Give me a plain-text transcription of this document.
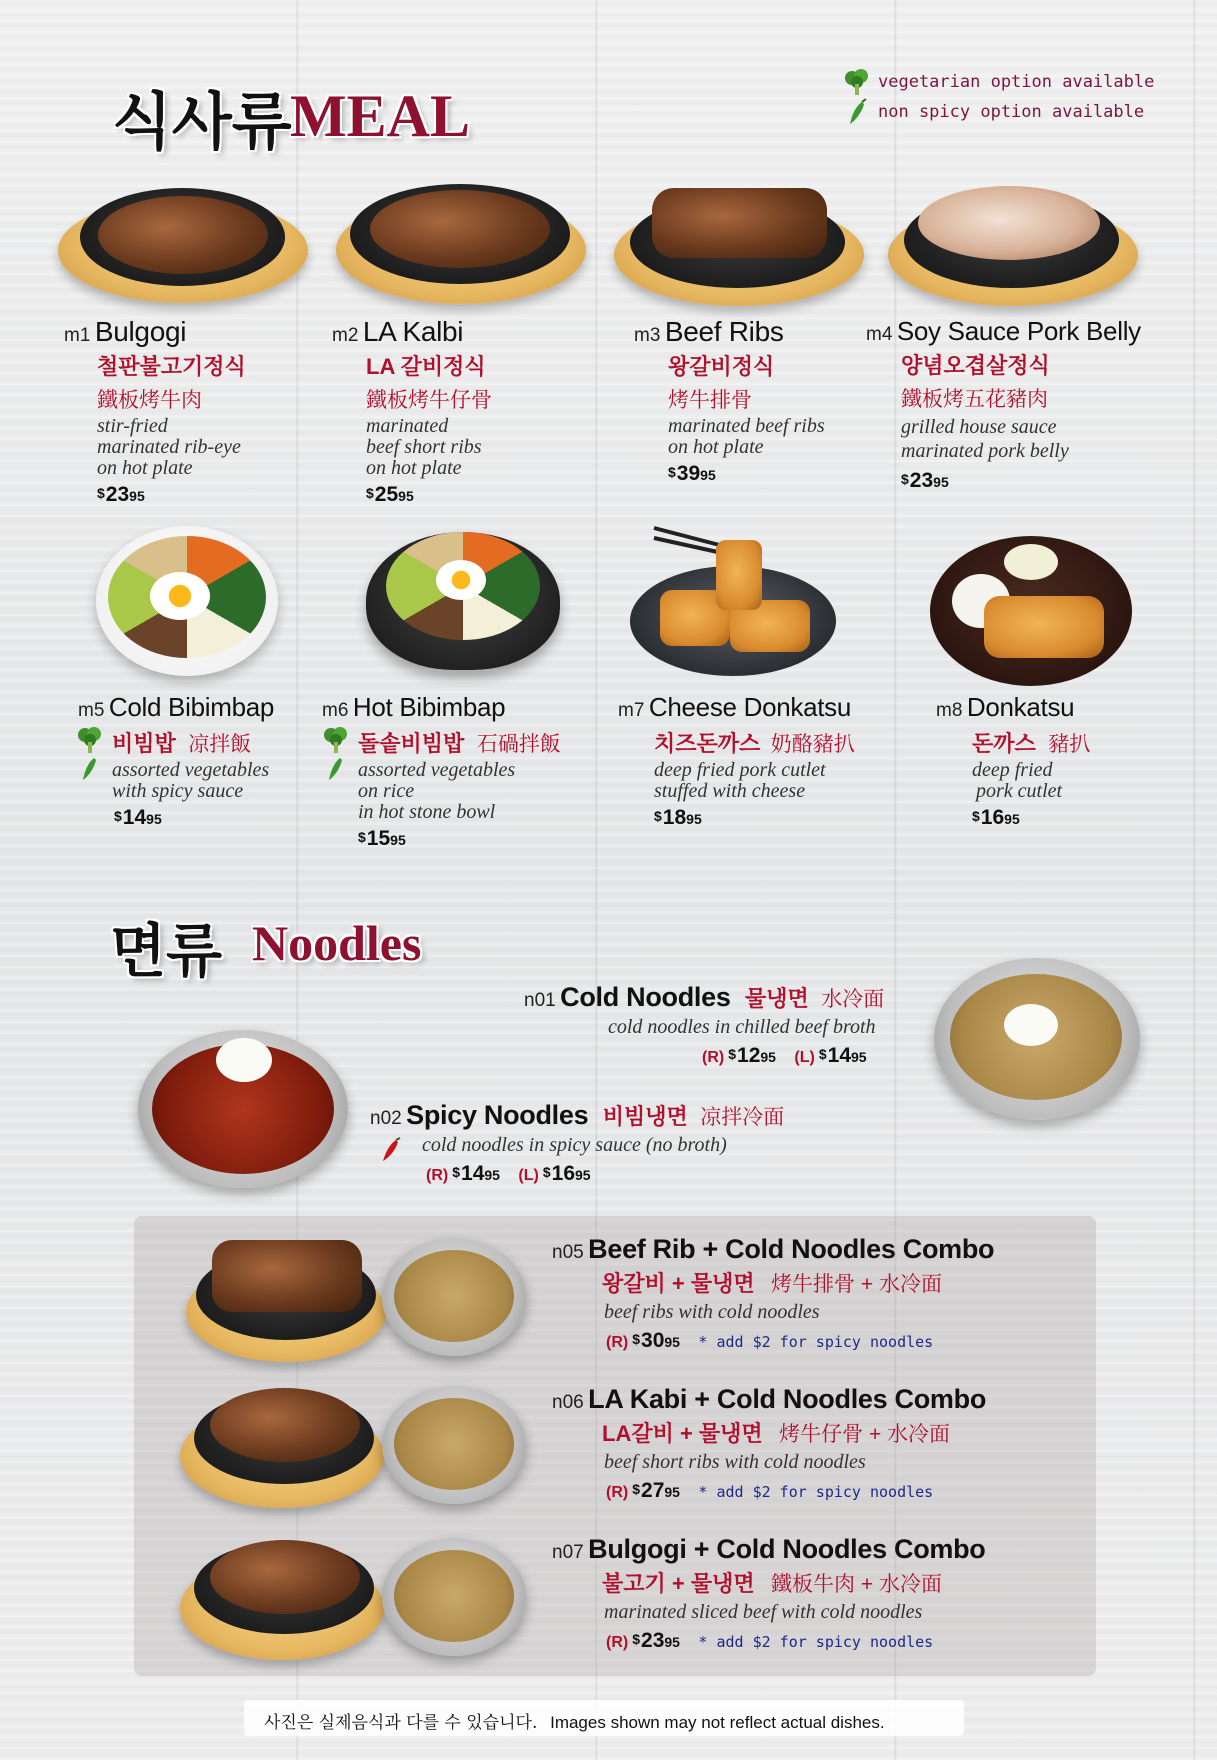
식사류
MEAL
vegetarian option available
non spicy option available
m1 Bulgogi
철판불고기정식
鐵板烤牛肉
stir-fried
marinated rib-eye
on hot plate
$2395
m2 LA Kalbi
LA 갈비정식
鐵板烤牛仔骨
marinated
beef short ribs
on hot plate
$2595
m3 Beef Ribs
왕갈비정식
烤牛排骨
marinated beef ribs
on hot plate
$3995
m4 Soy Sauce Pork Belly
양념오겹살정식
鐵板烤五花豬肉
grilled house sauce
marinated pork belly
$2395
m5 Cold Bibimbap
비빔밥 凉拌飯
assorted vegetables
with spicy sauce
$1495
m6 Hot Bibimbap
돌솥비빔밥 石碢拌飯
assorted vegetables
on rice
in hot stone bowl
$1595
m7 Cheese Donkatsu
치즈돈까스 奶酪豬扒
deep fried pork cutlet
stuffed with cheese
$1895
m8 Donkatsu
돈까스 豬扒
deep fried
pork cutlet
$1695
면류 Noodles
n01 Cold Noodles 물냉면 水冷面
cold noodles in chilled beef broth
(R) $1295 (L) $1495
n02 Spicy Noodles 비빔냉면 凉拌冷面
cold noodles in spicy sauce (no broth)
(R) $1495 (L) $1695
n05 Beef Rib + Cold Noodles Combo
왕갈비 + 물냉면 烤牛排骨 + 水冷面
beef ribs with cold noodles
(R) $3095 * add $2 for spicy noodles
n06 LA Kabi + Cold Noodles Combo
LA갈비 + 물냉면 烤牛仔骨 + 水冷面
beef short ribs with cold noodles
(R) $2795 * add $2 for spicy noodles
n07 Bulgogi + Cold Noodles Combo
불고기 + 물냉면 鐵板牛肉 + 水冷面
marinated sliced beef with cold noodles
(R) $2395 * add $2 for spicy noodles
사진은 실제음식과 다를 수 있습니다. Images shown may not reflect actual dishes.
